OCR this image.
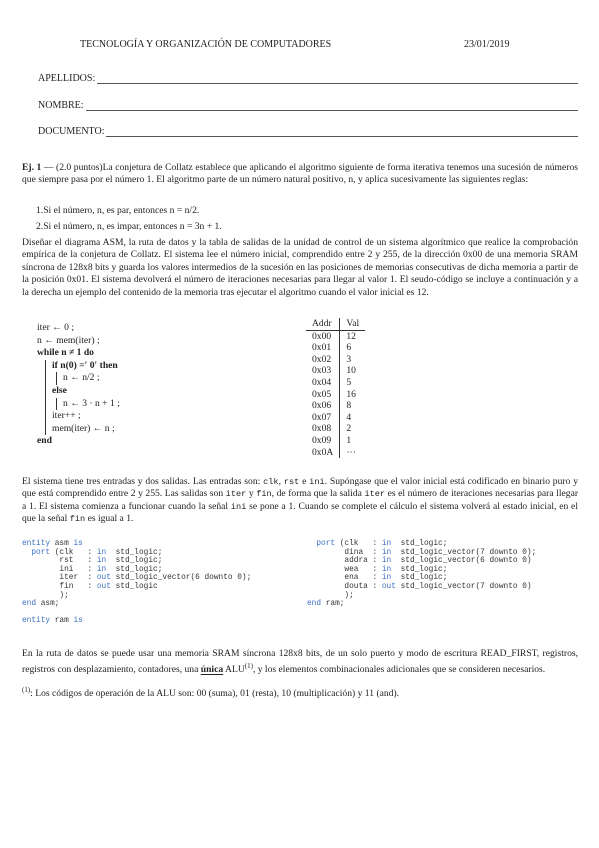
TECNOLOGÍA Y ORGANIZACIÓN DE COMPUTADORES	23/01/2019
APELLIDOS:
NOMBRE:
DOCUMENTO:
Ej. 1 — (2.0 puntos)La conjetura de Collatz establece que aplicando el algoritmo siguiente de forma iterativa tenemos una sucesión de números que siempre pasa por el número 1. El algoritmo parte de un número natural positivo, n, y aplica sucesivamente las siguientes reglas:
1.Si el número, n, es par, entonces n = n/2.
2.Si el número, n, es impar, entonces n = 3n + 1.
Diseñar el diagrama ASM, la ruta de datos y la tabla de salidas de la unidad de control de un sistema algorítmico que realice la comprobación empírica de la conjetura de Collatz. El sistema lee el número inicial, comprendido entre 2 y 255, de la dirección 0x00 de una memoria SRAM síncrona de 128x8 bits y guarda los valores intermedios de la sucesión en las posiciones de memorias consecutivas de dicha memoria a partir de la posición 0x01. El sistema devolverá el número de iteraciones necesarias para llegar al valor 1. El seudo-código se incluye a continuación y a la derecha un ejemplo del contenido de la memoria tras ejecutar el algoritmo cuando el valor inicial es 12.
iter ← 0 ;
n ← mem(iter) ;
while n ≠ 1 do
if n(0) =′ 0′ then
n ← n/2 ;
else
n ← 3 · n + 1 ;
iter++ ;
mem(iter) ← n ;
end
Addr	Val
0x00	12
0x01	6
0x02	3
0x03	10
0x04	5
0x05	16
0x06	8
0x07	4
0x08	2
0x09	1
0x0A	···
El sistema tiene tres entradas y dos salidas. Las entradas son: clk, rst e ini. Supóngase que el valor inicial está codificado en binario puro y que está comprendido entre 2 y 255. Las salidas son iter y fin, de forma que la salida iter es el número de iteraciones necesarias para llegar a 1. El sistema comienza a funcionar cuando la señal ini se pone a 1. Cuando se complete el cálculo el sistema volverá al estado inicial, en el que la señal fin es igual a 1.
entity asm is
port (clk   : in  std_logic;
rst   : in  std_logic;
ini   : in  std_logic;
iter  : out std_logic_vector(6 downto 0);
fin   : out std_logic
);
end asm;

entity ram is
port (clk   : in  std_logic;
dina  : in  std_logic_vector(7 downto 0);
addra : in  std_logic_vector(6 downto 0)
wea   : in  std_logic;
ena   : in  std_logic;
douta : out std_logic_vector(7 downto 0)
);
end ram;
En la ruta de datos se puede usar una memoria SRAM síncrona 128x8 bits, de un solo puerto y modo de escritura READ_FIRST, registros, registros con desplazamiento, contadores, una única ALU$^{(1)}$, y los elementos combinacionales adicionales que se consideren necesarios.
$^{(1)}$: Los códigos de operación de la ALU son: 00 (suma), 01 (resta), 10 (multiplicación) y 11 (and).
